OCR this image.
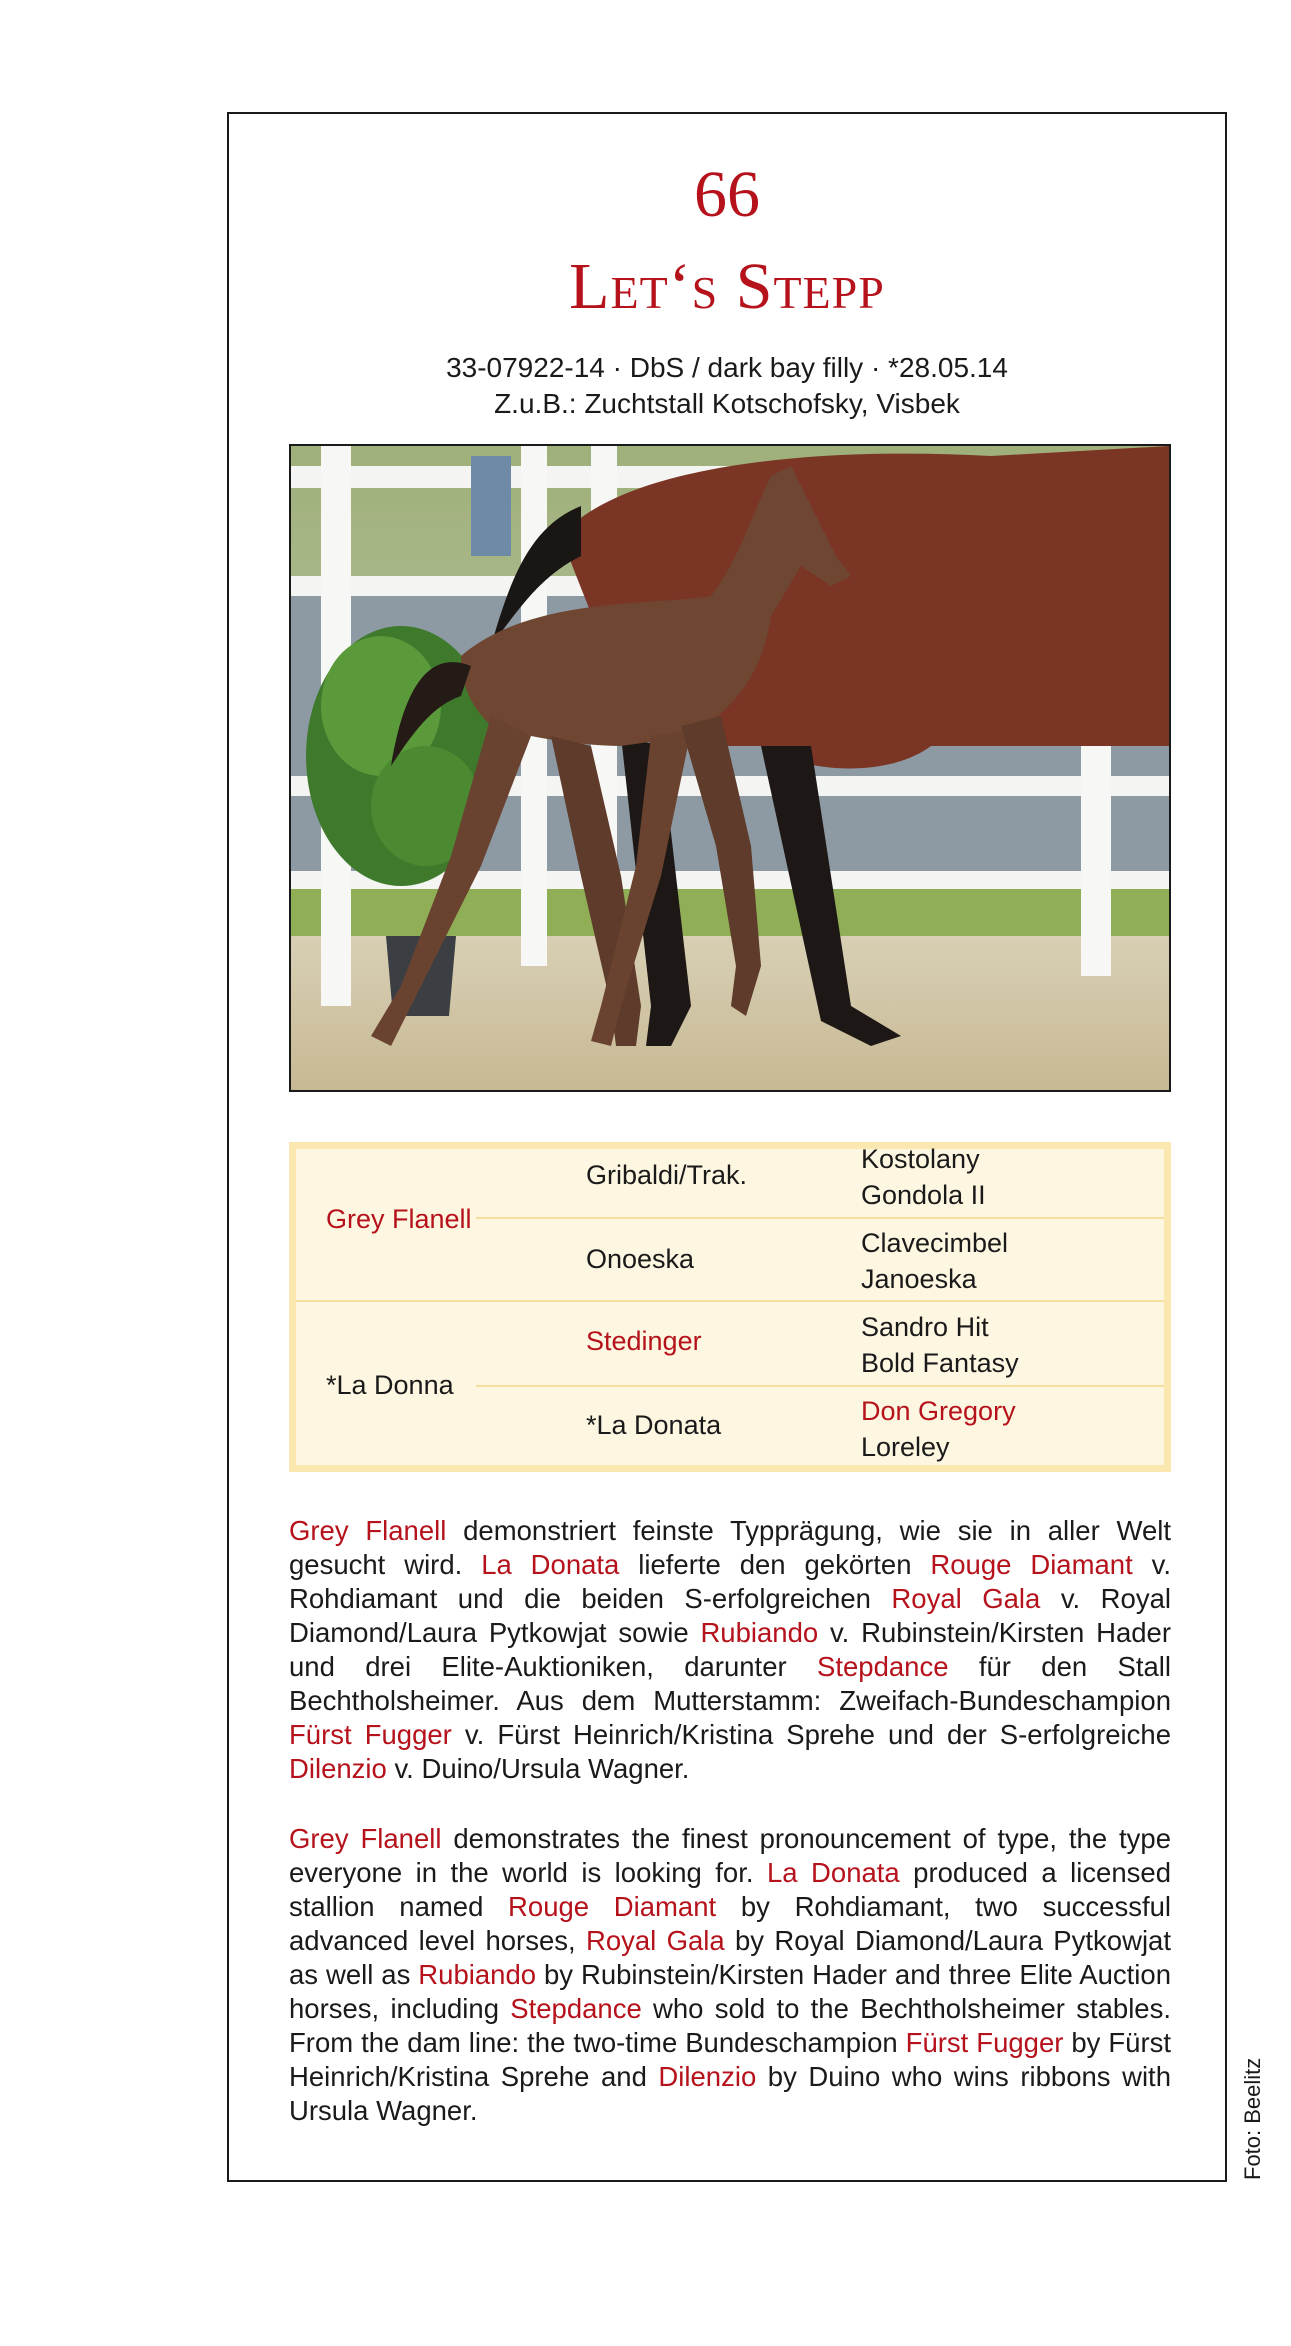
66
Let‘s Stepp
33-07922-14 · DbS / dark bay filly · *28.05.14
Z.u.B.: Zuchtstall Kotschofsky, Visbek
Grey Flanell
*La Donna
Gribaldi/Trak.
Onoeska
Stedinger
*La Donata
Kostolany
Gondola II
Clavecimbel
Janoeska
Sandro Hit
Bold Fantasy
Don Gregory
Loreley
Grey Flanell demonstriert feinste Typprägung, wie sie in aller Welt gesucht wird. La Donata lieferte den gekörten Rouge Diamant v. Rohdiamant und die beiden S-erfolgreichen Royal Gala v. Royal Diamond/Laura Pytkowjat sowie Rubiando v. Rubinstein/Kirsten Hader und drei Elite-Auktioniken, darunter Stepdance für den Stall Bechtholsheimer. Aus dem Mutterstamm: Zweifach-Bundeschampion Fürst Fugger v. Fürst Heinrich/Kristina Sprehe und der S-erfolgreiche Dilenzio v. Duino/Ursula Wagner.
Grey Flanell demonstrates the finest pronouncement of type, the type everyone in the world is looking for. La Donata produced a licensed stallion named Rouge Diamant by Rohdiamant, two successful advanced level horses, Royal Gala by Royal Diamond/Laura Pytkowjat as well as Rubiando by Rubinstein/Kirsten Hader and three Elite Auction horses, including Stepdance who sold to the Bechtholsheimer stables. From the dam line: the two-time Bundeschampion Fürst Fugger by Fürst Heinrich/Kristina Sprehe and Dilenzio by Duino who wins ribbons with Ursula Wagner.	Foto: Beelitz
